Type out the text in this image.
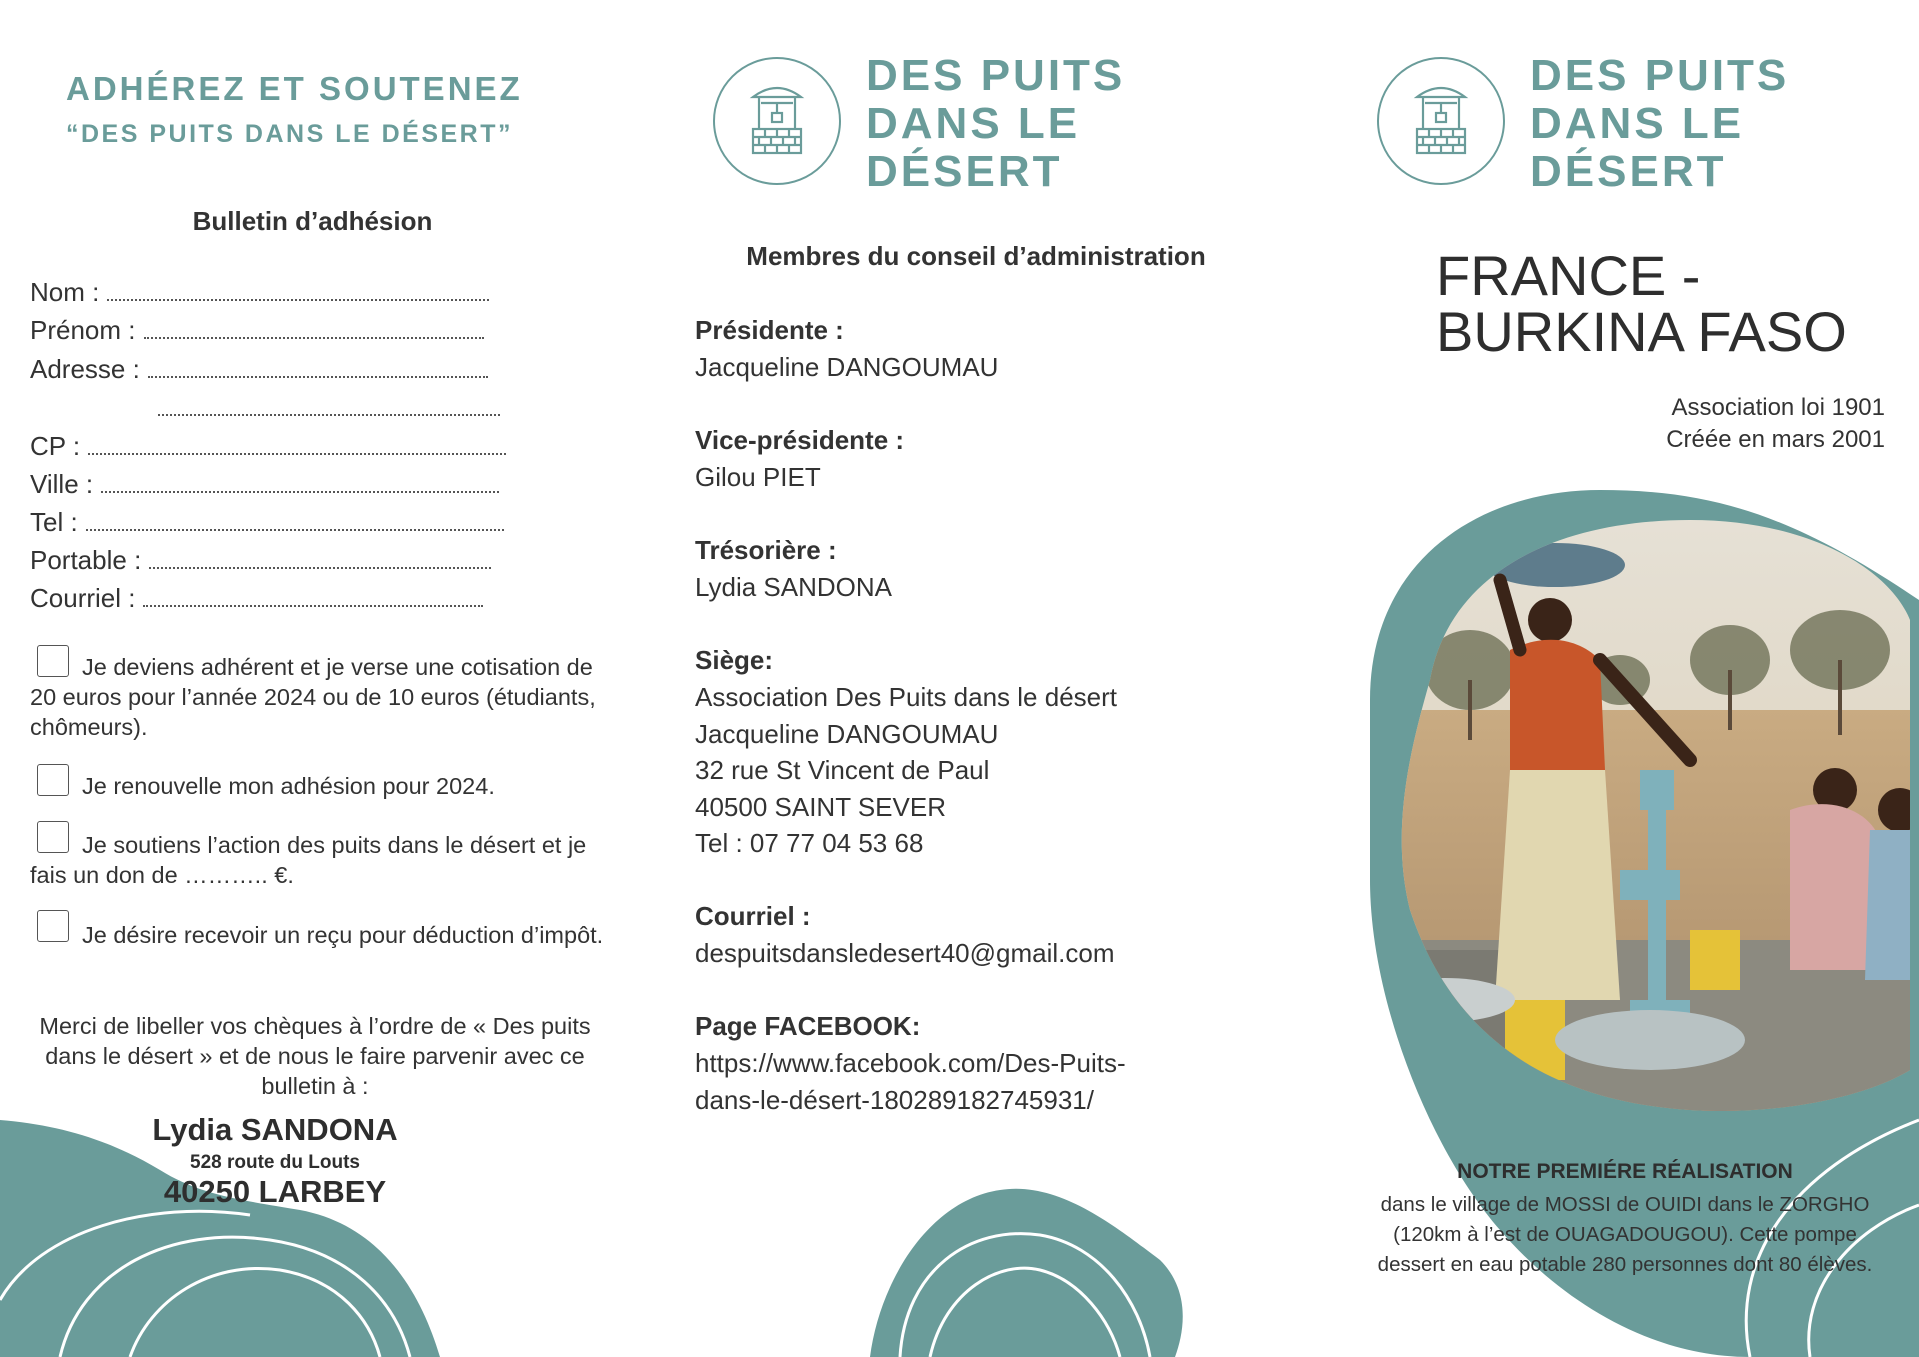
ADHÉREZ ET SOUTENEZ
“DES PUITS DANS LE DÉSERT”
Bulletin d’adhésion
Nom :
Prénom :
Adresse :
CP :
Ville :
Tel :
Portable :
Courriel :
Je deviens adhérent et je verse une cotisation de 20 euros pour l’année 2024 ou de 10 euros (étudiants, chômeurs).
Je renouvelle mon adhésion pour 2024.
Je soutiens l’action des puits dans le désert et je fais un don de ……….. €.
Je désire recevoir un reçu pour déduction d’impôt.
Merci de libeller vos chèques à l’ordre de « Des puits dans le désert » et de nous le faire parvenir avec ce bulletin à :
Lydia SANDONA
528 route du Louts
40250 LARBEY
DES PUITS
DANS LE
DÉSERT
Membres du conseil d’administration
Présidente :
Jacqueline DANGOUMAU
Vice-présidente :
Gilou PIET
Trésorière :
Lydia SANDONA
Siège:
Association Des Puits dans le désert
Jacqueline DANGOUMAU
32 rue St Vincent de Paul
40500 SAINT SEVER
Tel : 07 77 04 53 68
Courriel :
despuitsdansledesert40@gmail.com
Page FACEBOOK:
https://www.facebook.com/Des-Puits-
dans-le-désert-180289182745931/
DES PUITS
DANS LE
DÉSERT
FRANCE -
BURKINA FASO
Association loi 1901
Créée en mars 2001
NOTRE PREMIÉRE RÉALISATION
dans le village de MOSSI de OUIDI dans le ZORGHO (120km à l’est de OUAGADOUGOU). Cette pompe dessert en eau potable 280 personnes dont 80 élèves.
